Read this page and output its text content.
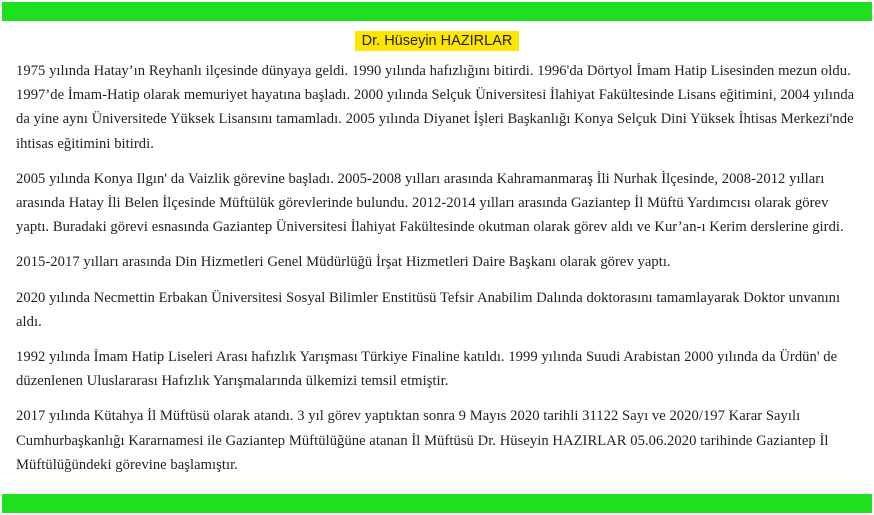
Dr. Hüseyin HAZIRLAR

1975 yılında Hatay’ın Reyhanlı ilçesinde dünyaya geldi. 1990 yılında hafızlığını bitirdi. 1996'da Dörtyol İmam Hatip Lisesinden mezun oldu. 1997’de İmam-Hatip olarak memuriyet hayatına başladı. 2000 yılında Selçuk Üniversitesi İlahiyat Fakültesinde Lisans eğitimini, 2004 yılında da yine aynı Üniversitede Yüksek Lisansını tamamladı. 2005 yılında Diyanet İşleri Başkanlığı Konya Selçuk Dini Yüksek İhtisas Merkezi'nde ihtisas eğitimini bitirdi.

2005 yılında Konya Ilgın' da Vaizlik görevine başladı. 2005-2008 yılları arasında Kahramanmaraş İli Nurhak İlçesinde, 2008-2012 yılları arasında Hatay İli Belen İlçesinde Müftülük görevlerinde bulundu. 2012-2014 yılları arasında Gaziantep İl Müftü Yardımcısı olarak görev yaptı. Buradaki görevi esnasında Gaziantep Üniversitesi İlahiyat Fakültesinde okutman olarak görev aldı ve Kur’an-ı Kerim derslerine girdi.

2015-2017 yılları arasında Din Hizmetleri Genel Müdürlüğü İrşat Hizmetleri Daire Başkanı olarak görev yaptı.

2020 yılında Necmettin Erbakan Üniversitesi Sosyal Bilimler Enstitüsü Tefsir Anabilim Dalında doktorasını tamamlayarak Doktor unvanını aldı.

1992 yılında İmam Hatip Liseleri Arası hafızlık Yarışması Türkiye Finaline katıldı. 1999 yılında Suudi Arabistan 2000 yılında da Ürdün' de düzenlenen Uluslararası Hafızlık Yarışmalarında ülkemizi temsil etmiştir.

2017 yılında Kütahya İl Müftüsü olarak atandı. 3 yıl görev yaptıktan sonra 9 Mayıs 2020 tarihli 31122 Sayı ve 2020/197 Karar Sayılı Cumhurbaşkanlığı Kararnamesi ile Gaziantep Müftülüğüne atanan İl Müftüsü Dr. Hüseyin HAZIRLAR 05.06.2020 tarihinde Gaziantep İl Müftülüğündeki görevine başlamıştır.
